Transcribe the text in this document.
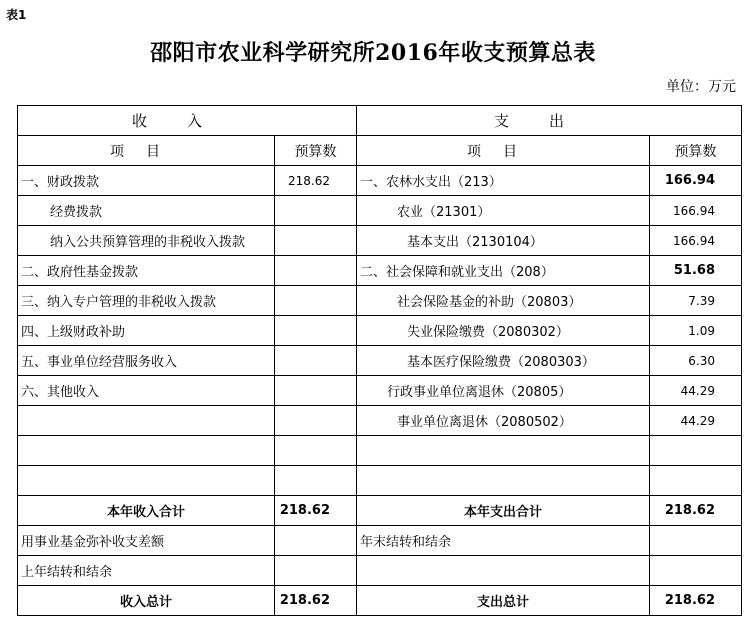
表1
邵阳市农业科学研究所2016年收支预算总表
单位：万元
收入		支出	
项目	预算数	项目	预算数
一、财政拨款	218.62	一、农林水支出（213）	166.94
经费拨款		农业（21301）	166.94
纳入公共预算管理的非税收入拨款		基本支出（2130104）	166.94
二、政府性基金拨款		二、社会保障和就业支出（208）	51.68
三、纳入专户管理的非税收入拨款		社会保险基金的补助（20803）	7.39
四、上级财政补助		失业保险缴费（2080302）	1.09
五、事业单位经营服务收入		基本医疗保险缴费（2080303）	6.30
六、其他收入		行政事业单位离退休（20805）	44.29
		事业单位离退休（2080502）	44.29

本年收入合计	218.62	本年支出合计	218.62
用事业基金弥补收支差额		年末结转和结余	
上年结转和结余			
收入总计	218.62	支出总计	218.62
